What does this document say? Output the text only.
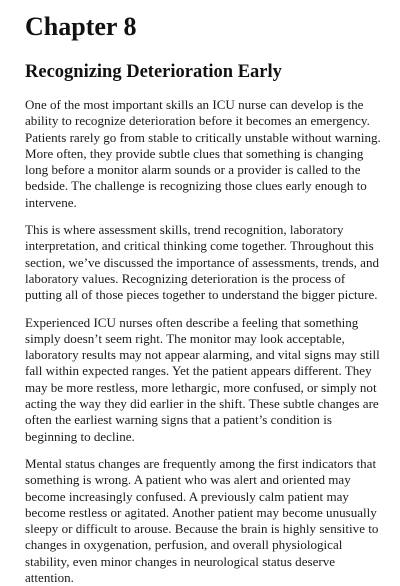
Chapter 8
Recognizing Deterioration Early

One of the most important skills an ICU nurse can develop is the ability to recognize deterioration before it becomes an emergency. Patients rarely go from stable to critically unstable without warning. More often, they provide subtle clues that something is changing long before a monitor alarm sounds or a provider is called to the bedside. The challenge is recognizing those clues early enough to intervene.

This is where assessment skills, trend recognition, laboratory interpretation, and critical thinking come together. Throughout this section, we’ve discussed the importance of assessments, trends, and laboratory values. Recognizing deterioration is the process of putting all of those pieces together to understand the bigger picture.

Experienced ICU nurses often describe a feeling that something simply doesn’t seem right. The monitor may look acceptable, laboratory results may not appear alarming, and vital signs may still fall within expected ranges. Yet the patient appears different. They may be more restless, more lethargic, more confused, or simply not acting the way they did earlier in the shift. These subtle changes are often the earliest warning signs that a patient’s condition is beginning to decline.

Mental status changes are frequently among the first indicators that something is wrong. A patient who was alert and oriented may become increasingly confused. A previously calm patient may become restless or agitated. Another patient may become unusually sleepy or difficult to arouse. Because the brain is highly sensitive to changes in oxygenation, perfusion, and overall physiological stability, even minor changes in neurological status deserve attention.
